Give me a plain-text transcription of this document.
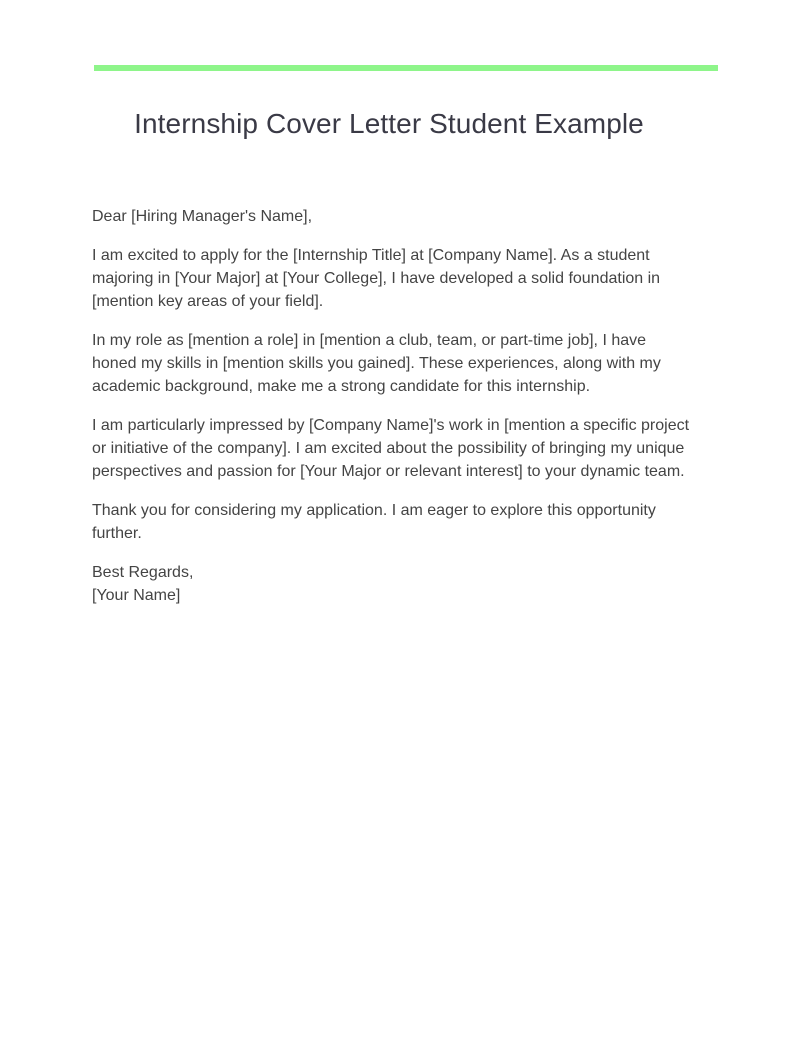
Internship Cover Letter Student Example

Dear [Hiring Manager's Name],

I am excited to apply for the [Internship Title] at [Company Name]. As a student majoring in [Your Major] at [Your College], I have developed a solid foundation in [mention key areas of your field].

In my role as [mention a role] in [mention a club, team, or part-time job], I have honed my skills in [mention skills you gained]. These experiences, along with my academic background, make me a strong candidate for this internship.

I am particularly impressed by [Company Name]'s work in [mention a specific project or initiative of the company]. I am excited about the possibility of bringing my unique perspectives and passion for [Your Major or relevant interest] to your dynamic team.

Thank you for considering my application. I am eager to explore this opportunity further.

Best Regards,
[Your Name]
